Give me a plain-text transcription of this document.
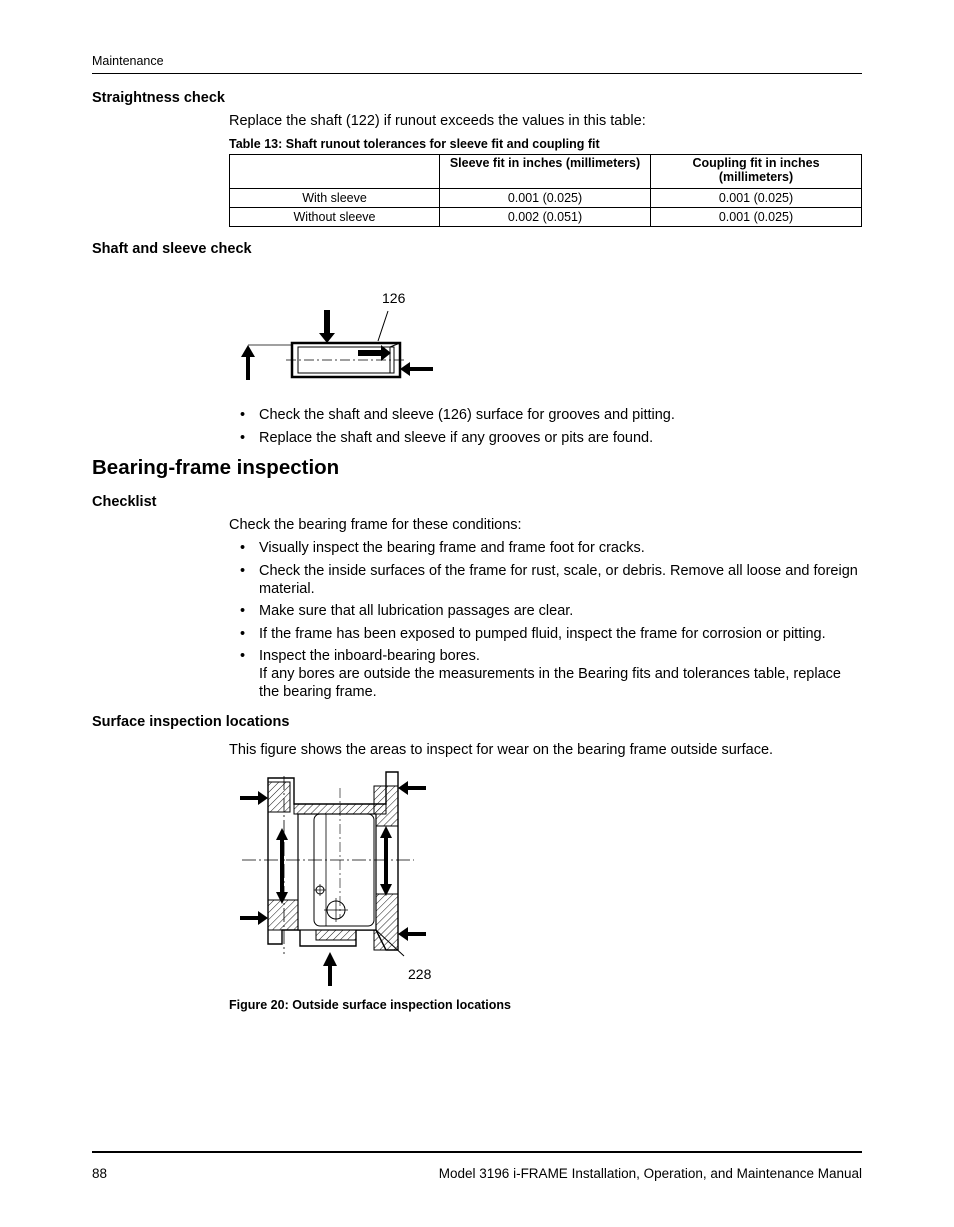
Maintenance
Straightness check
Replace the shaft (122) if runout exceeds the values in this table:
Table 13: Shaft runout tolerances for sleeve fit and coupling fit
	Sleeve fit in inches (millimeters)	Coupling fit in inches (millimeters)
With sleeve	0.001 (0.025)	0.001 (0.025)
Without sleeve	0.002 (0.051)	0.001 (0.025)
Shaft and sleeve check
126
• Check the shaft and sleeve (126) surface for grooves and pitting.
• Replace the shaft and sleeve if any grooves or pits are found.
Bearing-frame inspection
Checklist
Check the bearing frame for these conditions:
• Visually inspect the bearing frame and frame foot for cracks.
• Check the inside surfaces of the frame for rust, scale, or debris. Remove all loose and foreign material.
• Make sure that all lubrication passages are clear.
• If the frame has been exposed to pumped fluid, inspect the frame for corrosion or pitting.
• Inspect the inboard-bearing bores.
If any bores are outside the measurements in the Bearing fits and tolerances table, replace the bearing frame.
Surface inspection locations
This figure shows the areas to inspect for wear on the bearing frame outside surface.
228
Figure 20: Outside surface inspection locations
88	Model 3196 i-FRAME Installation, Operation, and Maintenance Manual
